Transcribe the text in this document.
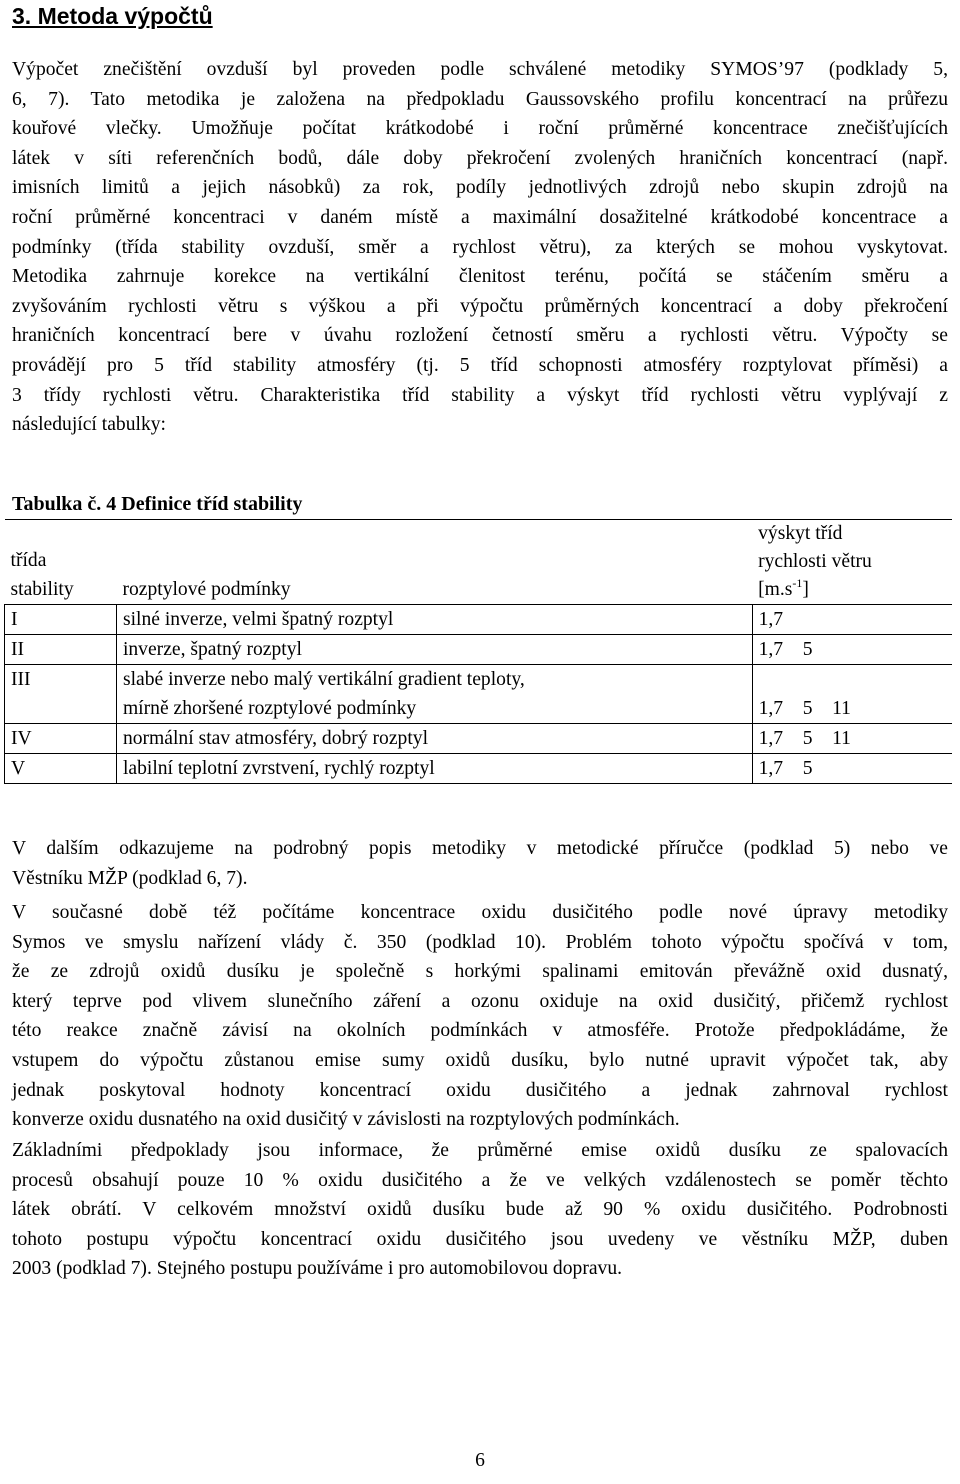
3. Metoda výpočtů
Výpočet znečištění ovzduší byl proveden podle schválené metodiky SYMOS’97 (podklady 5,
6, 7). Tato metodika je založena na předpokladu Gaussovského profilu koncentrací na průřezu
kouřové vlečky. Umožňuje počítat krátkodobé i roční průměrné koncentrace znečišťujících
látek v síti referenčních bodů, dále doby překročení zvolených hraničních koncentrací (např.
imisních limitů a jejich násobků) za rok, podíly jednotlivých zdrojů nebo skupin zdrojů na
roční průměrné koncentraci v daném místě a maximální dosažitelné krátkodobé koncentrace a
podmínky (třída stability ovzduší, směr a rychlost větru), za kterých se mohou vyskytovat.
Metodika zahrnuje korekce na vertikální členitost terénu, počítá se stáčením směru a
zvyšováním rychlosti větru s výškou a při výpočtu průměrných koncentrací a doby překročení
hraničních koncentrací bere v úvahu rozložení četností směru a rychlosti větru. Výpočty se
provádějí pro 5 tříd stability atmosféry (tj. 5 tříd schopnosti atmosféry rozptylovat příměsi) a
3 třídy rychlosti větru. Charakteristika tříd stability a výskyt tříd rychlosti větru vyplývají z
následující tabulky:
Tabulka č. 4 Definice tříd stability
třída
stability	rozptylové podmínky	výskyt tříd
rychlosti větru
$[m.s^{-1}]$

I	silné inverze, velmi špatný rozptyl	1,7
II	inverze, špatný rozptyl	1,7    5
III	slabé inverze nebo malý vertikální gradient teploty,
mírně zhoršené rozptylové podmínky	1,7    5    11
IV	normální stav atmosféry, dobrý rozptyl	1,7    5    11
V	labilní teplotní zvrstvení, rychlý rozptyl	1,7    5
V dalším odkazujeme na podrobný popis metodiky v metodické příručce (podklad 5) nebo ve
Věstníku MŽP (podklad 6, 7).
V současné době též počítáme koncentrace oxidu dusičitého podle nové úpravy metodiky
Symos ve smyslu nařízení vlády č. 350 (podklad 10). Problém tohoto výpočtu spočívá v tom,
že ze zdrojů oxidů dusíku je společně s horkými spalinami emitován převážně oxid dusnatý,
který teprve pod vlivem slunečního záření a ozonu oxiduje na oxid dusičitý, přičemž rychlost
této reakce značně závisí na okolních podmínkách v atmosféře. Protože předpokládáme, že
vstupem do výpočtu zůstanou emise sumy oxidů dusíku, bylo nutné upravit výpočet tak, aby
jednak poskytoval hodnoty koncentrací oxidu dusičitého a jednak zahrnoval rychlost
konverze oxidu dusnatého na oxid dusičitý v závislosti na rozptylových podmínkách.
Základními předpoklady jsou informace, že průměrné emise oxidů dusíku ze spalovacích
procesů obsahují pouze 10 % oxidu dusičitého a že ve velkých vzdálenostech se poměr těchto
látek obrátí. V celkovém množství oxidů dusíku bude až 90 % oxidu dusičitého. Podrobnosti
tohoto postupu výpočtu koncentrací oxidu dusičitého jsou uvedeny ve věstníku MŽP, duben
2003 (podklad 7). Stejného postupu používáme i pro automobilovou dopravu.
6
